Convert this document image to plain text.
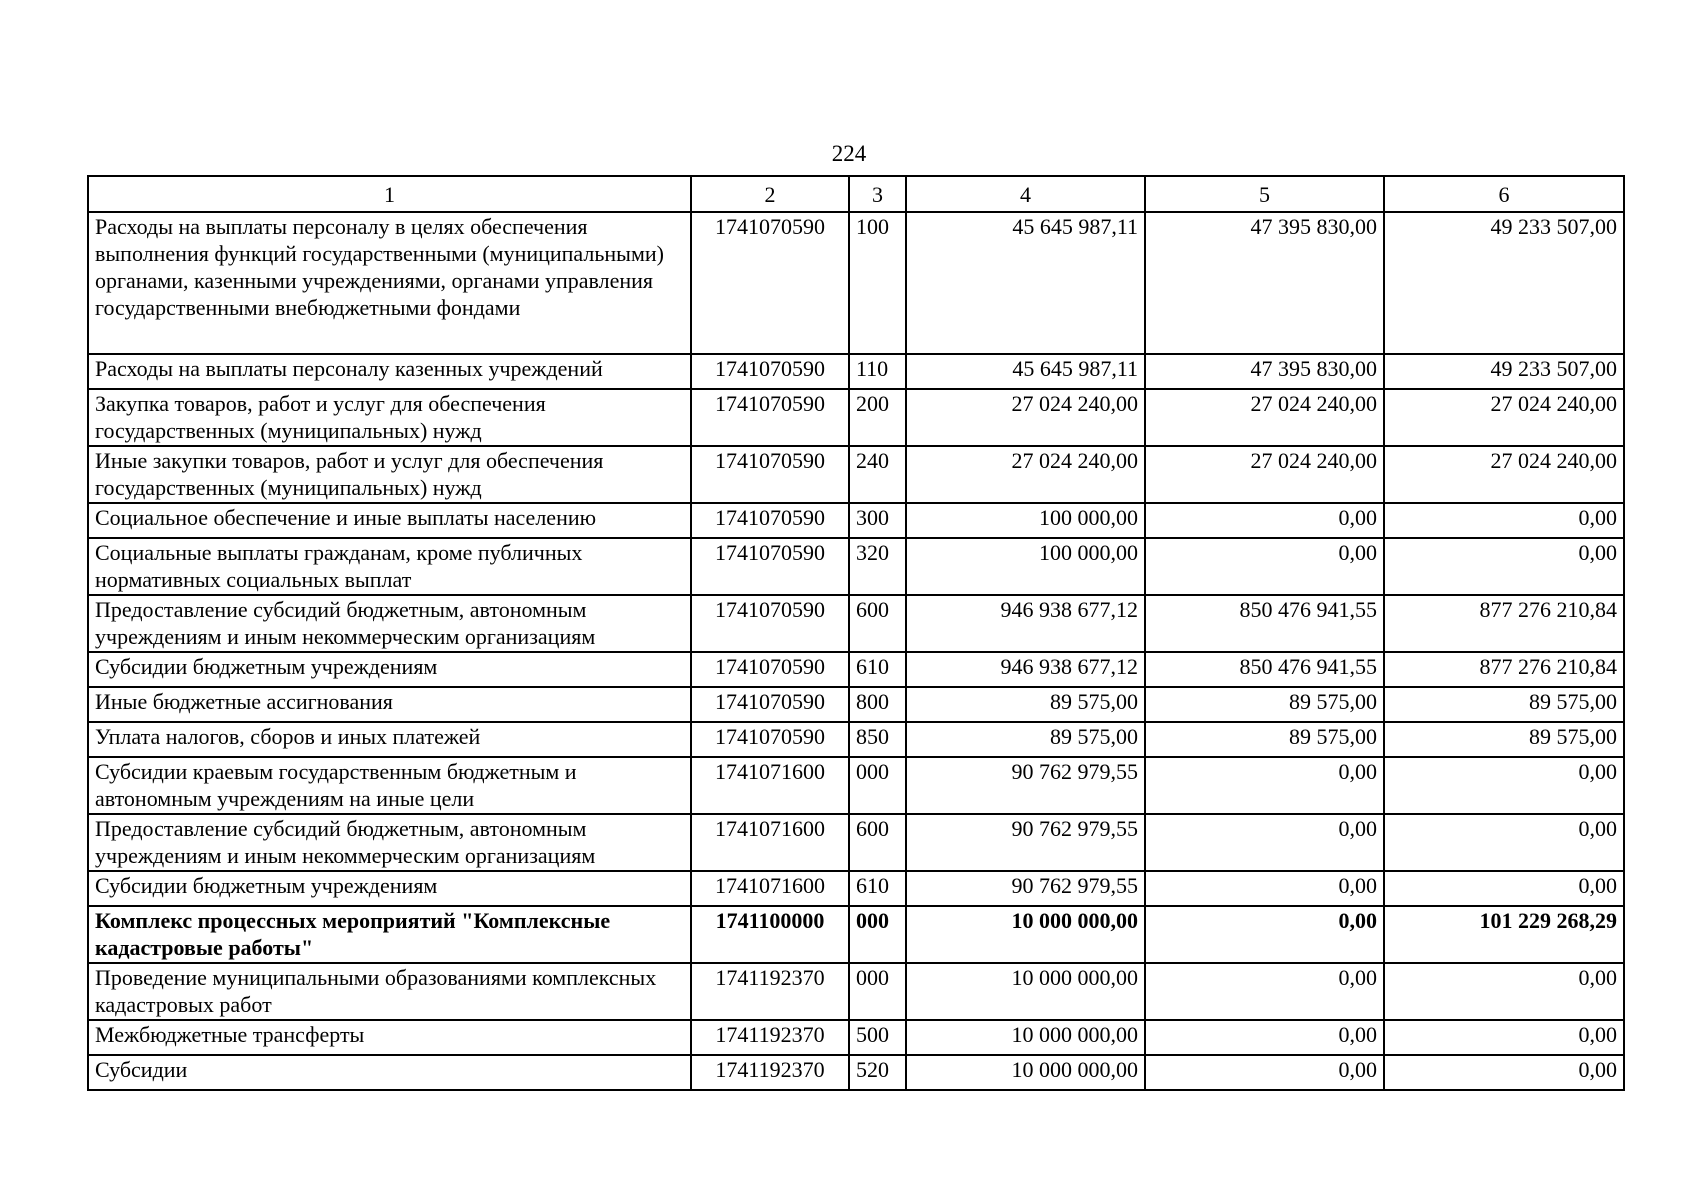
224
1	2	3	4	5	6
Расходы на выплаты персоналу в целях обеспечения выполнения функций государственными (муниципальными) органами, казенными учреждениями, органами управления государственными внебюджетными фондами	1741070590	100	45 645 987,11	47 395 830,00	49 233 507,00
Расходы на выплаты персоналу казенных учреждений	1741070590	110	45 645 987,11	47 395 830,00	49 233 507,00
Закупка товаров, работ и услуг для обеспечения государственных (муниципальных) нужд	1741070590	200	27 024 240,00	27 024 240,00	27 024 240,00
Иные закупки товаров, работ и услуг для обеспечения государственных (муниципальных) нужд	1741070590	240	27 024 240,00	27 024 240,00	27 024 240,00
Социальное обеспечение и иные выплаты населению	1741070590	300	100 000,00	0,00	0,00
Социальные выплаты гражданам, кроме публичных нормативных социальных выплат	1741070590	320	100 000,00	0,00	0,00
Предоставление субсидий бюджетным, автономным учреждениям и иным некоммерческим организациям	1741070590	600	946 938 677,12	850 476 941,55	877 276 210,84
Субсидии бюджетным учреждениям	1741070590	610	946 938 677,12	850 476 941,55	877 276 210,84
Иные бюджетные ассигнования	1741070590	800	89 575,00	89 575,00	89 575,00
Уплата налогов, сборов и иных платежей	1741070590	850	89 575,00	89 575,00	89 575,00
Субсидии краевым государственным бюджетным и автономным учреждениям на иные цели	1741071600	000	90 762 979,55	0,00	0,00
Предоставление субсидий бюджетным, автономным учреждениям и иным некоммерческим организациям	1741071600	600	90 762 979,55	0,00	0,00
Субсидии бюджетным учреждениям	1741071600	610	90 762 979,55	0,00	0,00
Комплекс процессных мероприятий "Комплексные кадастровые работы"	1741100000	000	10 000 000,00	0,00	101 229 268,29
Проведение муниципальными образованиями комплексных кадастровых работ	1741192370	000	10 000 000,00	0,00	0,00
Межбюджетные трансферты	1741192370	500	10 000 000,00	0,00	0,00
Субсидии	1741192370	520	10 000 000,00	0,00	0,00
